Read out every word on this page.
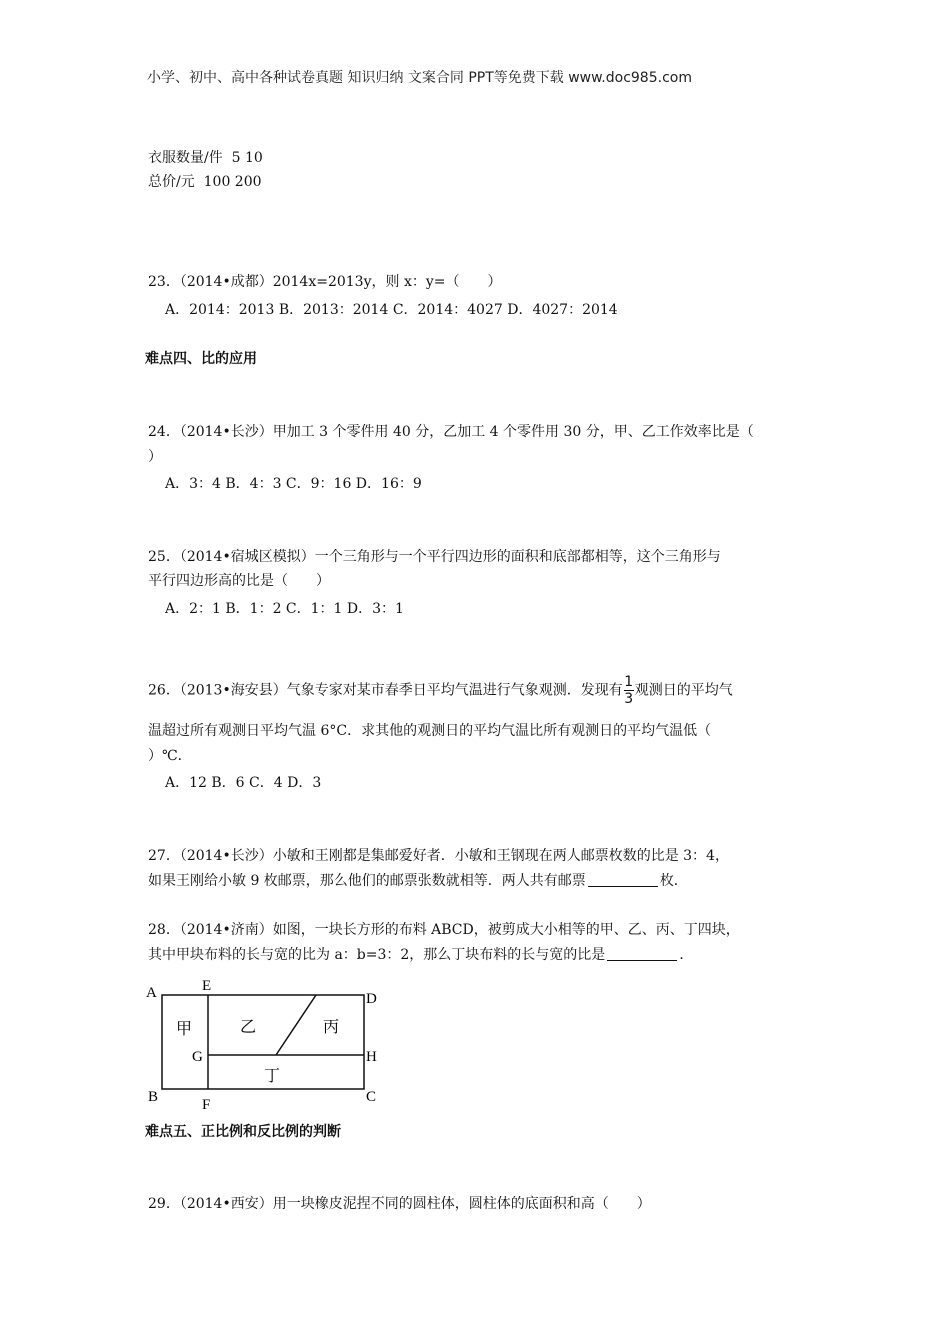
小学、初中、高中各种试卷真题 知识归纳 文案合同 PPT等免费下载 www.doc985.com
衣服数量/件 5 10
总价/元 100 200
23．（2014•成都）2014x=2013y，则 x：y=（　　）
A．2014：2013 B．2013：2014 C．2014：4027 D．4027：2014
难点四、比的应用
24．（2014•长沙）甲加工 3 个零件用 40 分，乙加工 4 个零件用 30 分，甲、乙工作效率比是（
）
A．3：4 B．4：3 C．9：16 D．16：9
25．（2014•宿城区模拟）一个三角形与一个平行四边形的面积和底部都相等，这个三角形与
平行四边形高的比是（　　）
A．2：1 B．1：2 C．1：1 D．3：1
26．（2013•海安县）气象专家对某市春季日平均气温进行气象观测．发现有 $\frac{1}{3}$ 观测日的平均气
温超过所有观测日平均气温 6°C．求其他的观测日的平均气温比所有观测日的平均气温低（
）℃．
A．12 B．6 C．4 D．3
27．（2014•长沙）小敏和王刚都是集邮爱好者．小敏和王钢现在两人邮票枚数的比是 3：4，
如果王刚给小敏 9 枚邮票，那么他们的邮票张数就相等．两人共有邮票	枚．
28．（2014•济南）如图，一块长方形的布料 ABCD，被剪成大小相等的甲、乙、丙、丁四块，
其中甲块布料的长与宽的比为 a：b=3：2，那么丁块布料的长与宽的比是	．
A	E
D
G	H
B	F	C
甲	乙	丙
丁
难点五、正比例和反比例的判断
29．（2014•西安）用一块橡皮泥捏不同的圆柱体，圆柱体的底面积和高（　　）
